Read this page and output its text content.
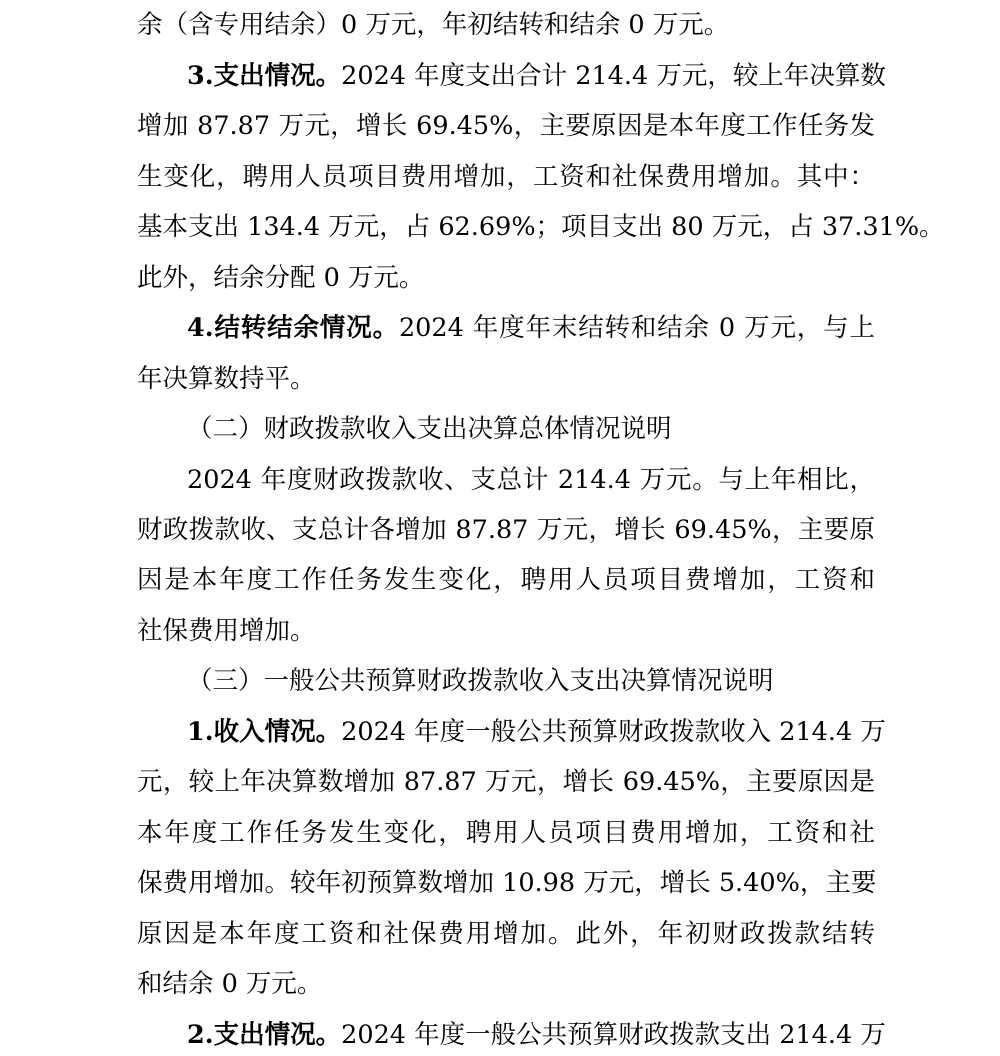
余（含专用结余）0 万元，年初结转和结余 0 万元。
3.支出情况。2024 年度支出合计 214.4 万元，较上年决算数
增加 87.87 万元，增长 69.45%，主要原因是本年度工作任务发
生变化，聘用人员项目费用增加，工资和社保费用增加。其中：
基本支出 134.4 万元，占 62.69%；项目支出 80 万元，占 37.31%。
此外，结余分配 0 万元。
4.结转结余情况。2024 年度年末结转和结余 0 万元，与上
年决算数持平。
（二）财政拨款收入支出决算总体情况说明
2024 年度财政拨款收、支总计 214.4 万元。与上年相比，
财政拨款收、支总计各增加 87.87 万元，增长 69.45%，主要原
因是本年度工作任务发生变化，聘用人员项目费增加，工资和
社保费用增加。
（三）一般公共预算财政拨款收入支出决算情况说明
1.收入情况。2024 年度一般公共预算财政拨款收入 214.4 万
元，较上年决算数增加 87.87 万元，增长 69.45%，主要原因是
本年度工作任务发生变化，聘用人员项目费用增加，工资和社
保费用增加。较年初预算数增加 10.98 万元，增长 5.40%，主要
原因是本年度工资和社保费用增加。此外，年初财政拨款结转
和结余 0 万元。
2.支出情况。2024 年度一般公共预算财政拨款支出 214.4 万
